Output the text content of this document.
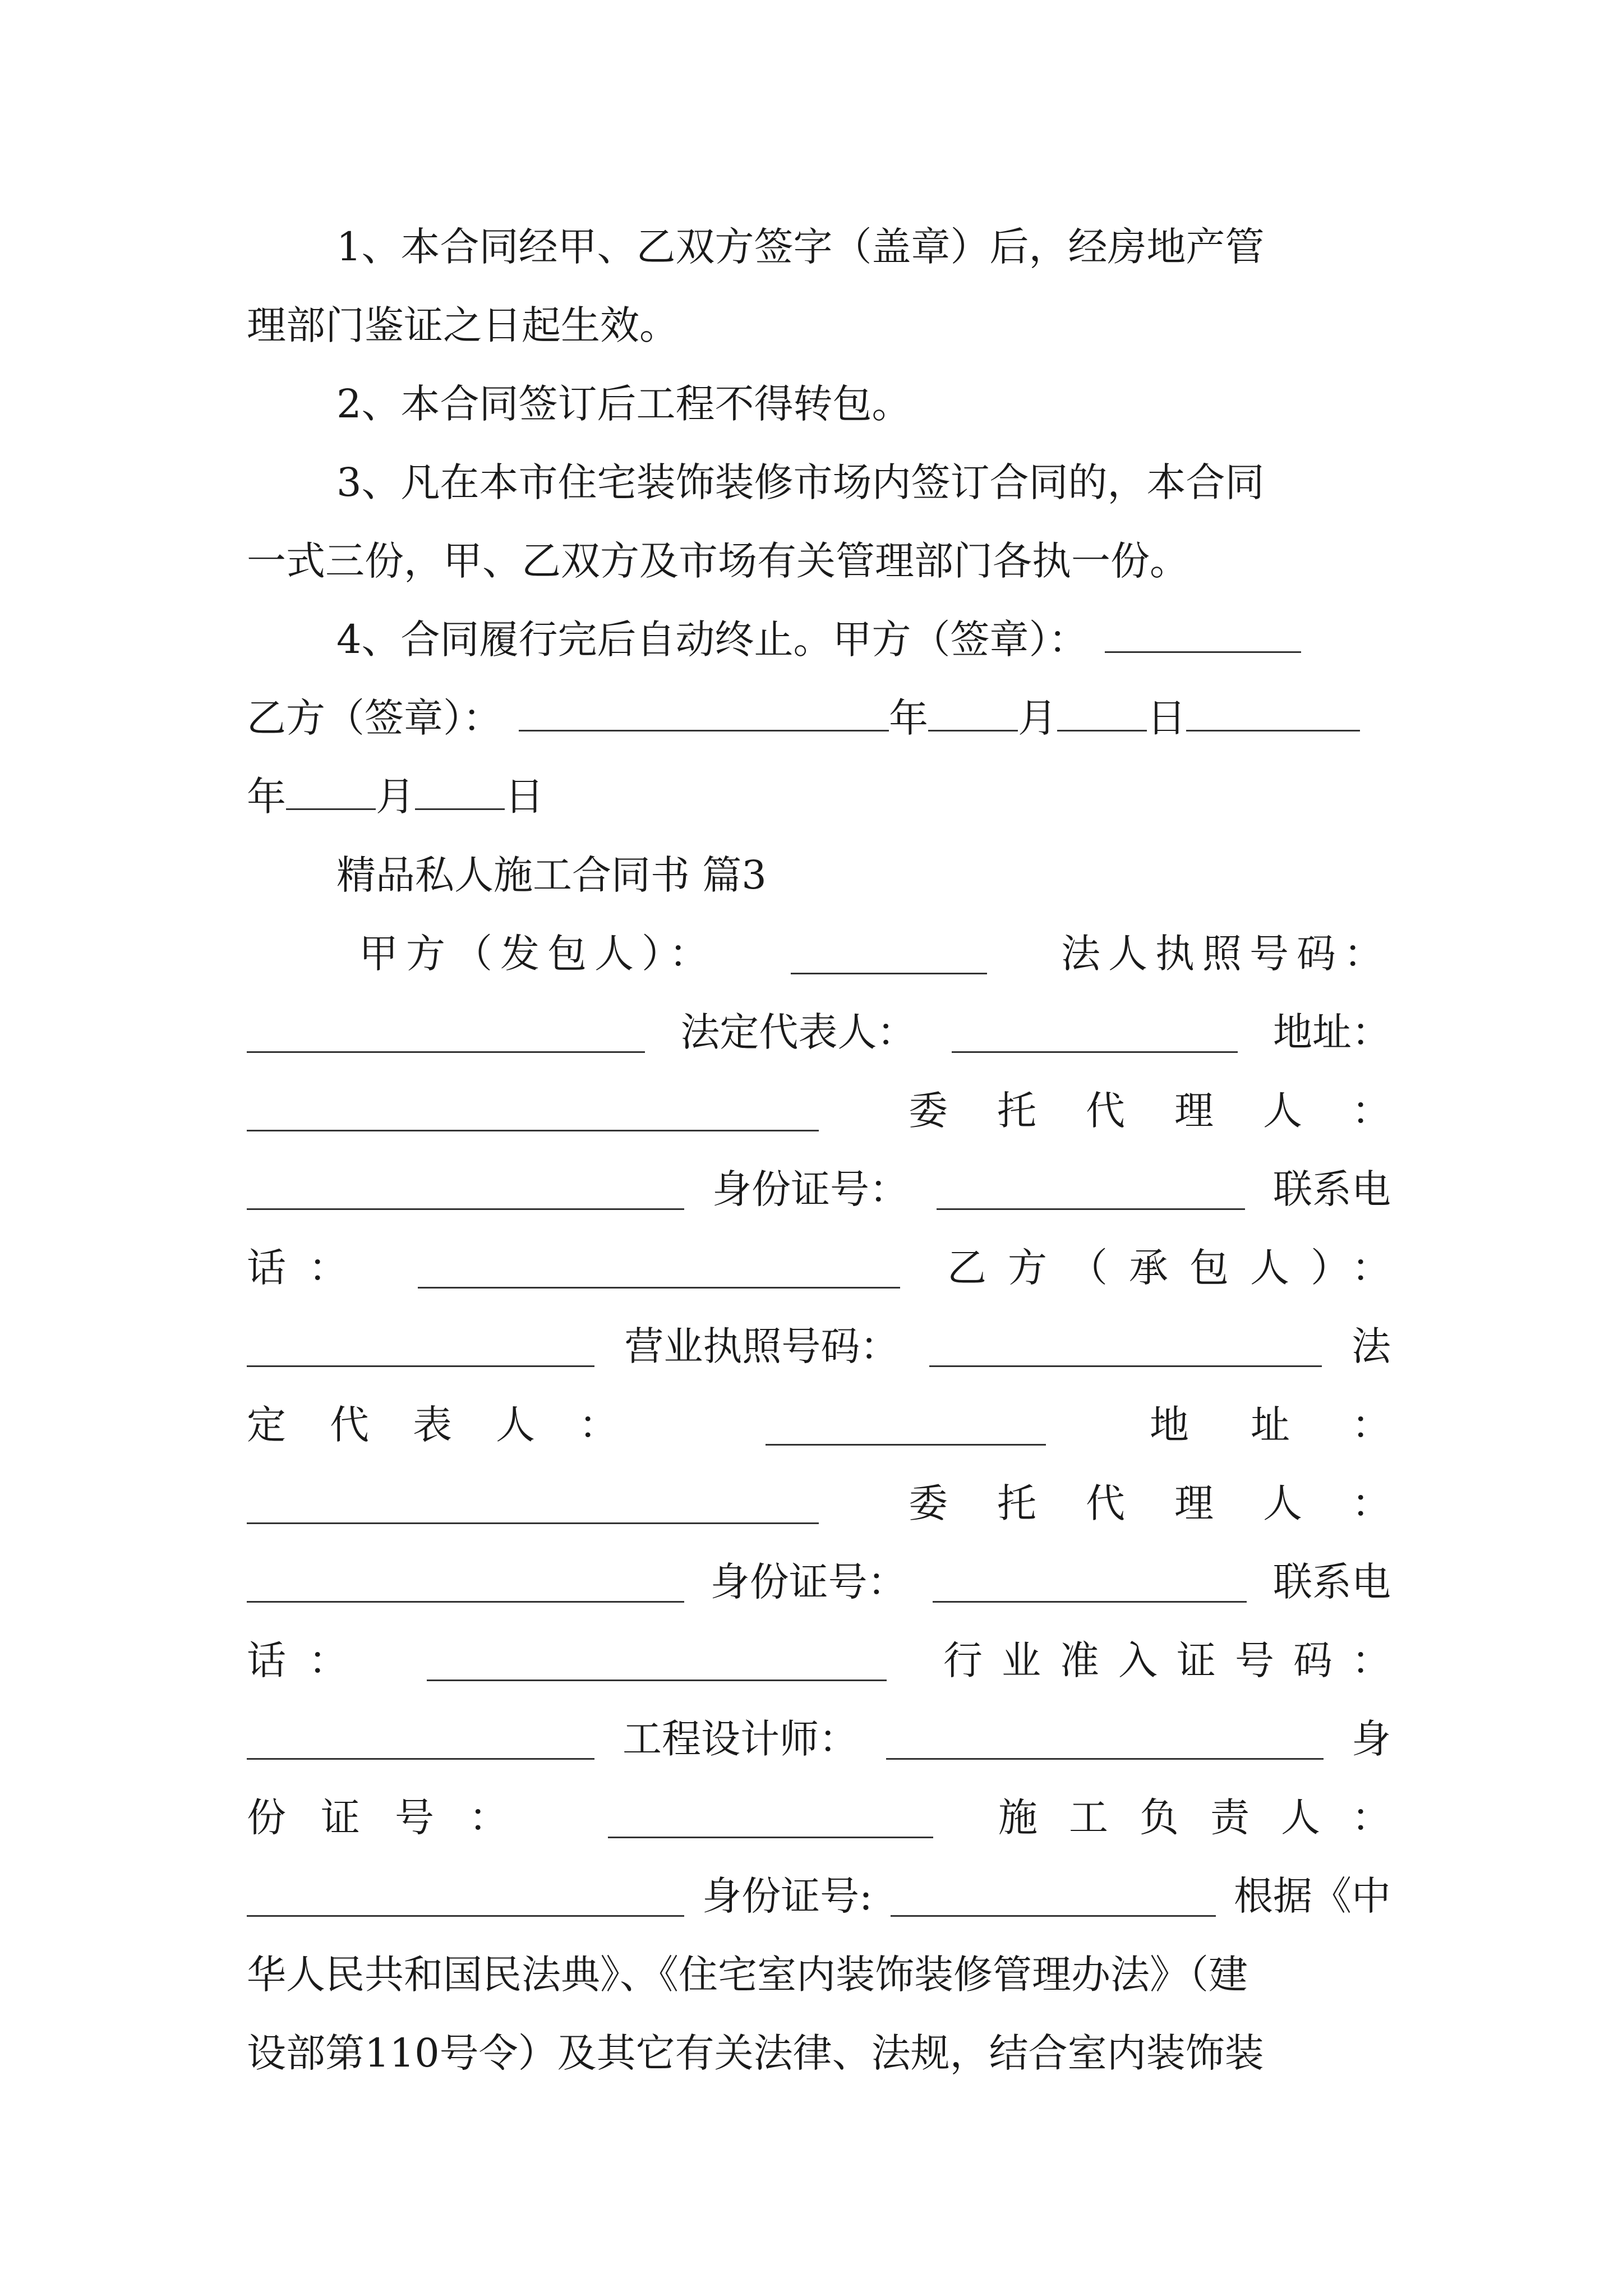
1、本合同经甲、乙双方签字（盖章）后，经房地产管
理部门鉴证之日起生效。
2、本合同签订后工程不得转包。
3、凡在本市住宅装饰装修市场内签订合同的，本合同
一式三份，甲、乙双方及市场有关管理部门各执一份。
4、合同履行完后自动终止。甲方（签章）：
乙方（签章）：	年 月 日
年 月 日
精品私人施工合同书 篇3
甲方（发包人）：	法人执照号码：
法定代表人：	地址：
委托代理人：
身份证号：	联系电
话：	乙方（承包人）：
营业执照号码：	法
定代表人：	地址：
委托代理人：
身份证号：	联系电
话：	行业准入证号码：
工程设计师：	身
份证号：	施工负责人：
身份证号:	根据《中
华人民共和国民法典》、《住宅室内装饰装修管理办法》（建
设部第110号令）及其它有关法律、法规，结合室内装饰装
